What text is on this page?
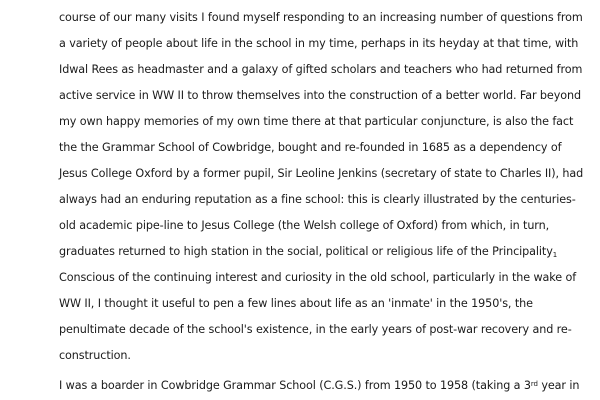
course of our many visits I found myself responding to an increasing number of questions from
a variety of people about life in the school in my time, perhaps in its heyday at that time, with
Idwal Rees as headmaster and a galaxy of gifted scholars and teachers who had returned from
active service in WW II to throw themselves into the construction of a better world. Far beyond
my own happy memories of my own time there at that particular conjuncture, is also the fact
the the Grammar School of Cowbridge, bought and re-founded in 1685 as a dependency of
Jesus College Oxford by a former pupil, Sir Leoline Jenkins (secretary of state to Charles II), had
always had an enduring reputation as a fine school: this is clearly illustrated by the centuries-
old academic pipe-line to Jesus College (the Welsh college of Oxford) from which, in turn,
graduates returned to high station in the social, political or religious life of the Principality$_1$
Conscious of the continuing interest and curiosity in the old school, particularly in the wake of
WW II, I thought it useful to pen a few lines about life as an 'inmate' in the 1950's, the
penultimate decade of the school's existence, in the early years of post-war recovery and re-
construction.
I was a boarder in Cowbridge Grammar School (C.G.S.) from 1950 to 1958 (taking a 3rd year in
